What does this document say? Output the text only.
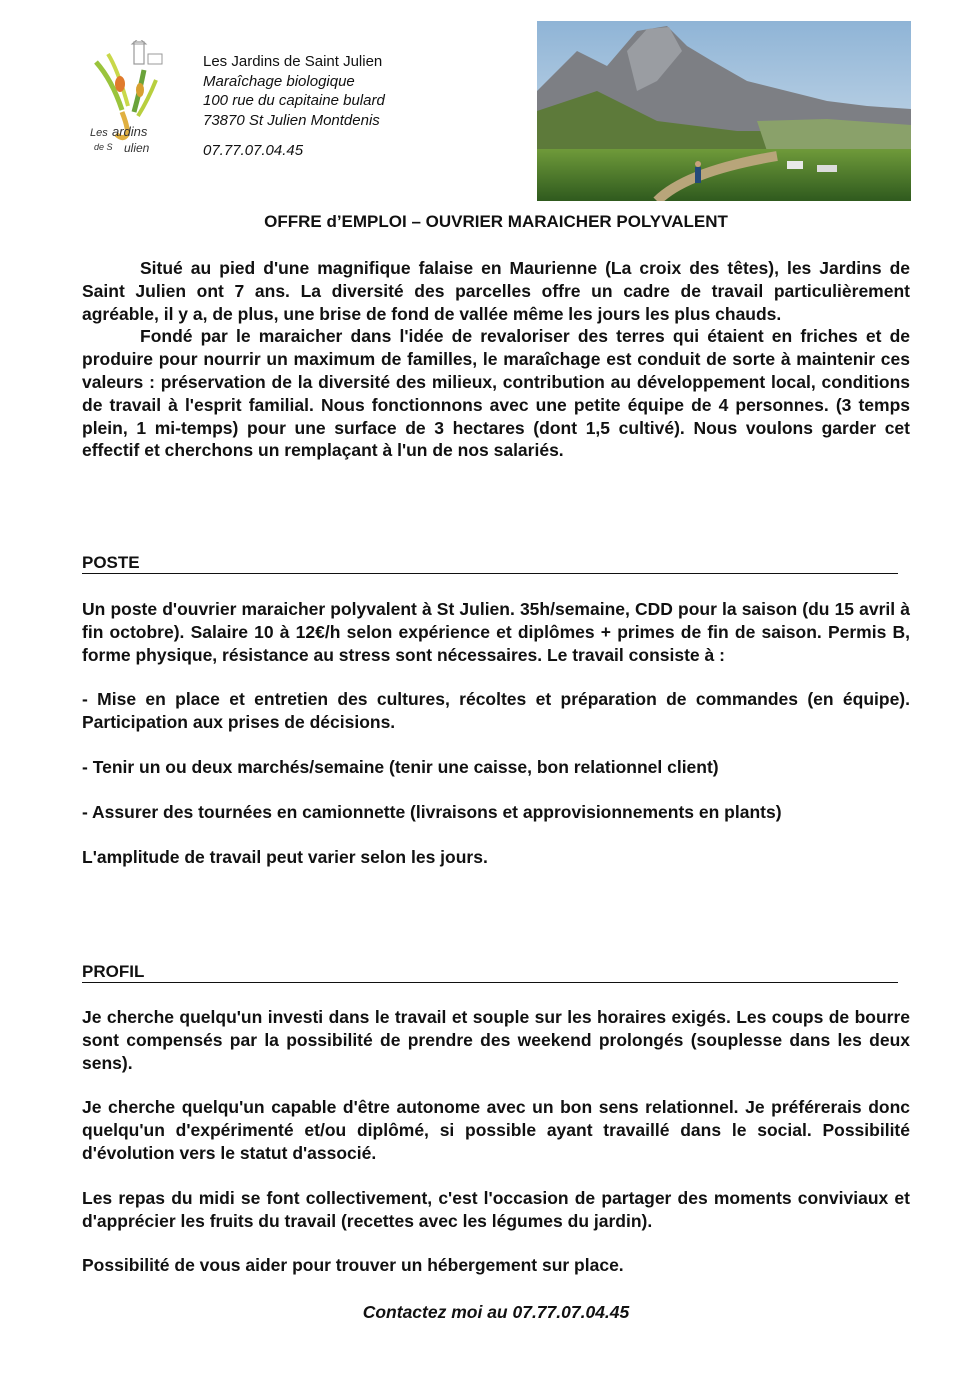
Les ardins
de S ulien
Les Jardins de Saint Julien
Maraîchage biologique
100 rue du capitaine bulard
73870 St Julien Montdenis
07.77.07.04.45
OFFRE d’EMPLOI – OUVRIER MARAICHER POLYVALENT

Situé au pied d'une magnifique falaise en Maurienne (La croix des têtes), les Jardins de Saint Julien ont 7 ans. La diversité des parcelles offre un cadre de travail particulièrement agréable, il y a, de plus, une brise de fond de vallée même les jours les plus chauds.

Fondé par le maraicher dans l'idée de revaloriser des terres qui étaient en friches et de produire pour nourrir un maximum de familles, le maraîchage est conduit de sorte à maintenir ces valeurs : préservation de la diversité des milieux, contribution au développement local, conditions de travail à l'esprit familial. Nous fonctionnons avec une petite équipe de 4 personnes. (3 temps plein, 1 mi-temps) pour une surface de 3 hectares (dont 1,5 cultivé). Nous voulons garder cet effectif et cherchons un remplaçant à l'un de nos salariés.

POSTE

Un poste d'ouvrier maraicher polyvalent à St Julien. 35h/semaine, CDD pour la saison (du 15 avril à fin octobre). Salaire 10 à 12€/h selon expérience et diplômes + primes de fin de saison. Permis B, forme physique, résistance au stress sont nécessaires. Le travail consiste à :

- Mise en place et entretien des cultures, récoltes et préparation de commandes (en équipe). Participation aux prises de décisions.

- Tenir un ou deux marchés/semaine (tenir une caisse, bon relationnel client)

- Assurer des tournées en camionnette (livraisons et approvisionnements en plants)

L'amplitude de travail peut varier selon les jours.

PROFIL

Je cherche quelqu'un investi dans le travail et souple sur les horaires exigés. Les coups de bourre sont compensés par la possibilité de prendre des weekend prolongés (souplesse dans les deux sens).

Je cherche quelqu'un capable d'être autonome avec un bon sens relationnel. Je préférerais donc quelqu'un d'expérimenté et/ou diplômé, si possible ayant travaillé dans le social. Possibilité d'évolution vers le statut d'associé.

Les repas du midi se font collectivement, c'est l'occasion de partager des moments conviviaux et d'apprécier les fruits du travail (recettes avec les légumes du jardin).

Possibilité de vous aider pour trouver un hébergement sur place.

Contactez moi au 07.77.07.04.45
